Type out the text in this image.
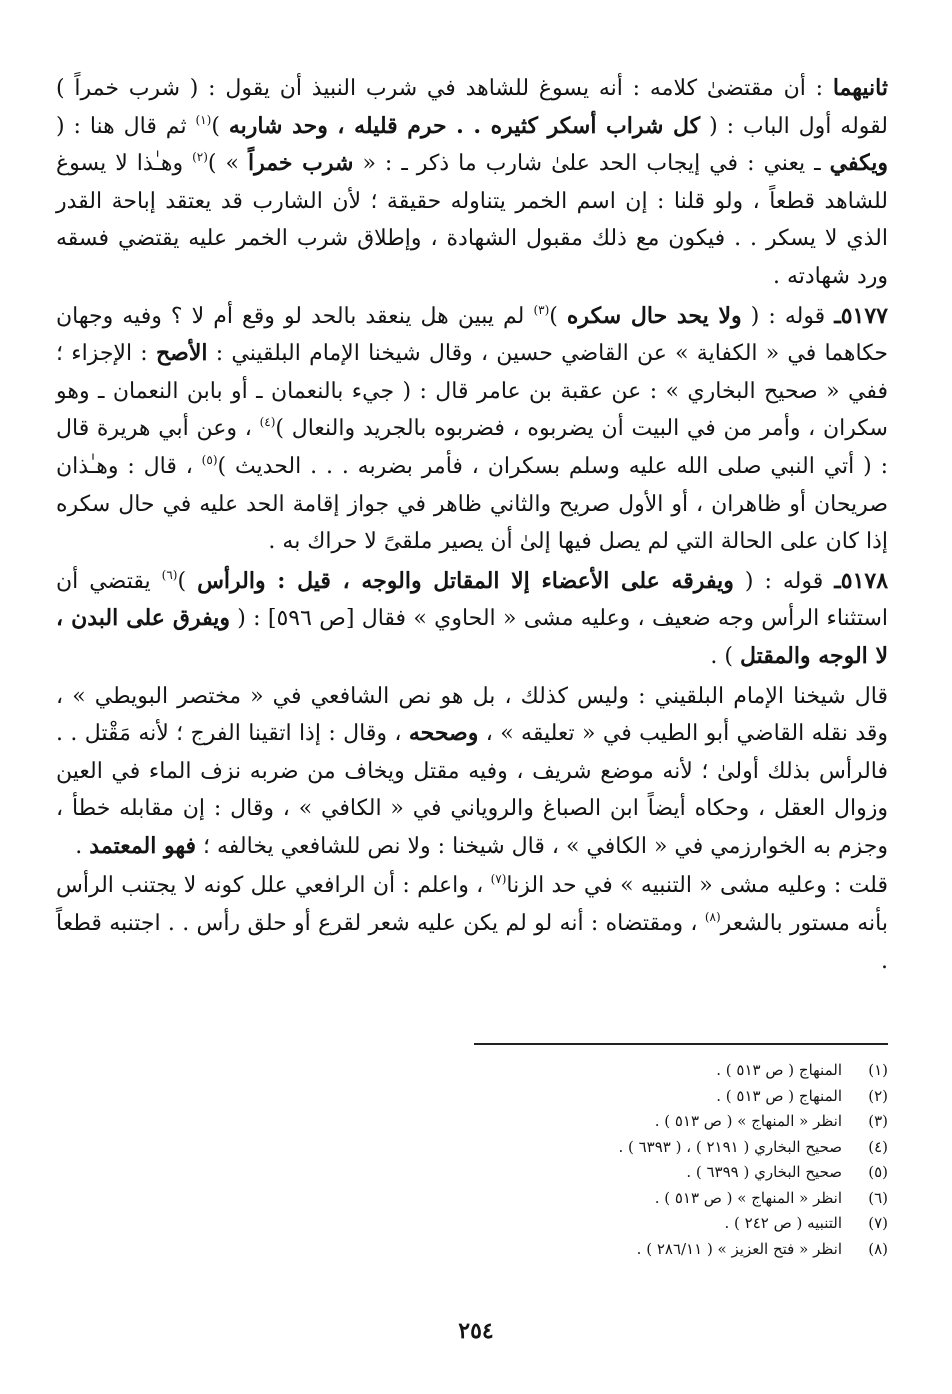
ثانيهما : أن مقتضىٰ كلامه : أنه يسوغ للشاهد في شرب النبيذ أن يقول : ( شرب خمراً ) لقوله أول الباب : ( كل شراب أسكر كثيره . . حرم قليله ، وحد شاربه )$^{(١)}$ ثم قال هنا : ( ويكفي ـ يعني : في إيجاب الحد علىٰ شارب ما ذكر ـ : « شرب خمراً » )$^{(٢)}$ وهـٰذا لا يسوغ للشاهد قطعاً ، ولو قلنا : إن اسم الخمر يتناوله حقيقة ؛ لأن الشارب قد يعتقد إباحة القدر الذي لا يسكر . . فيكون مع ذلك مقبول الشهادة ، وإطلاق شرب الخمر عليه يقتضي فسقه ورد شهادته .

٥١٧٧ـ قوله : ( ولا يحد حال سكره )$^{(٣)}$ لم يبين هل ينعقد بالحد لو وقع أم لا ؟ وفيه وجهان حكاهما في « الكفاية » عن القاضي حسين ، وقال شيخنا الإمام البلقيني : الأصح : الإجزاء ؛ ففي « صحيح البخاري » : عن عقبة بن عامر قال : ( جيء بالنعمان ـ أو بابن النعمان ـ وهو سكران ، وأمر من في البيت أن يضربوه ، فضربوه بالجريد والنعال )$^{(٤)}$ ، وعن أبي هريرة قال : ( أتي النبي صلى الله عليه وسلم بسكران ، فأمر بضربه . . . الحديث )$^{(٥)}$ ، قال : وهـٰذان صريحان أو ظاهران ، أو الأول صريح والثاني ظاهر في جواز إقامة الحد عليه في حال سكره إذا كان على الحالة التي لم يصل فيها إلىٰ أن يصير ملقىً لا حراك به .

٥١٧٨ـ قوله : ( ويفرقه على الأعضاء إلا المقاتل والوجه ، قيل : والرأس )$^{(٦)}$ يقتضي أن استثناء الرأس وجه ضعيف ، وعليه مشى « الحاوي » فقال [ص ٥٩٦] : ( ويفرق على البدن ، لا الوجه والمقتل ) .

قال شيخنا الإمام البلقيني : وليس كذلك ، بل هو نص الشافعي في « مختصر البويطي » ، وقد نقله القاضي أبو الطيب في « تعليقه » ، وصححه ، وقال : إذا اتقينا الفرج ؛ لأنه مَقْتل . . فالرأس بذلك أولىٰ ؛ لأنه موضع شريف ، وفيه مقتل ويخاف من ضربه نزف الماء في العين وزوال العقل ، وحكاه أيضاً ابن الصباغ والروياني في « الكافي » ، وقال : إن مقابله خطأ ، وجزم به الخوارزمي في « الكافي » ، قال شيخنا : ولا نص للشافعي يخالفه ؛ فهو المعتمد .

قلت : وعليه مشى « التنبيه » في حد الزنا$^{(٧)}$ ، واعلم : أن الرافعي علل كونه لا يجتنب الرأس بأنه مستور بالشعر$^{(٨)}$ ، ومقتضاه : أنه لو لم يكن عليه شعر لقرع أو حلق رأس . . اجتنبه قطعاً .

(١)المنهاج ( ص ٥١٣ ) .
(٢)المنهاج ( ص ٥١٣ ) .
(٣)انظر « المنهاج » ( ص ٥١٣ ) .
(٤)صحيح البخاري ( ٢١٩١ ) ، ( ٦٣٩٣ ) .
(٥)صحيح البخاري ( ٦٣٩٩ ) .
(٦)انظر « المنهاج » ( ص ٥١٣ ) .
(٧)التنبيه ( ص ٢٤٢ ) .
(٨)انظر « فتح العزيز » ( ٢٨٦/١١ ) .
٢٥٤
